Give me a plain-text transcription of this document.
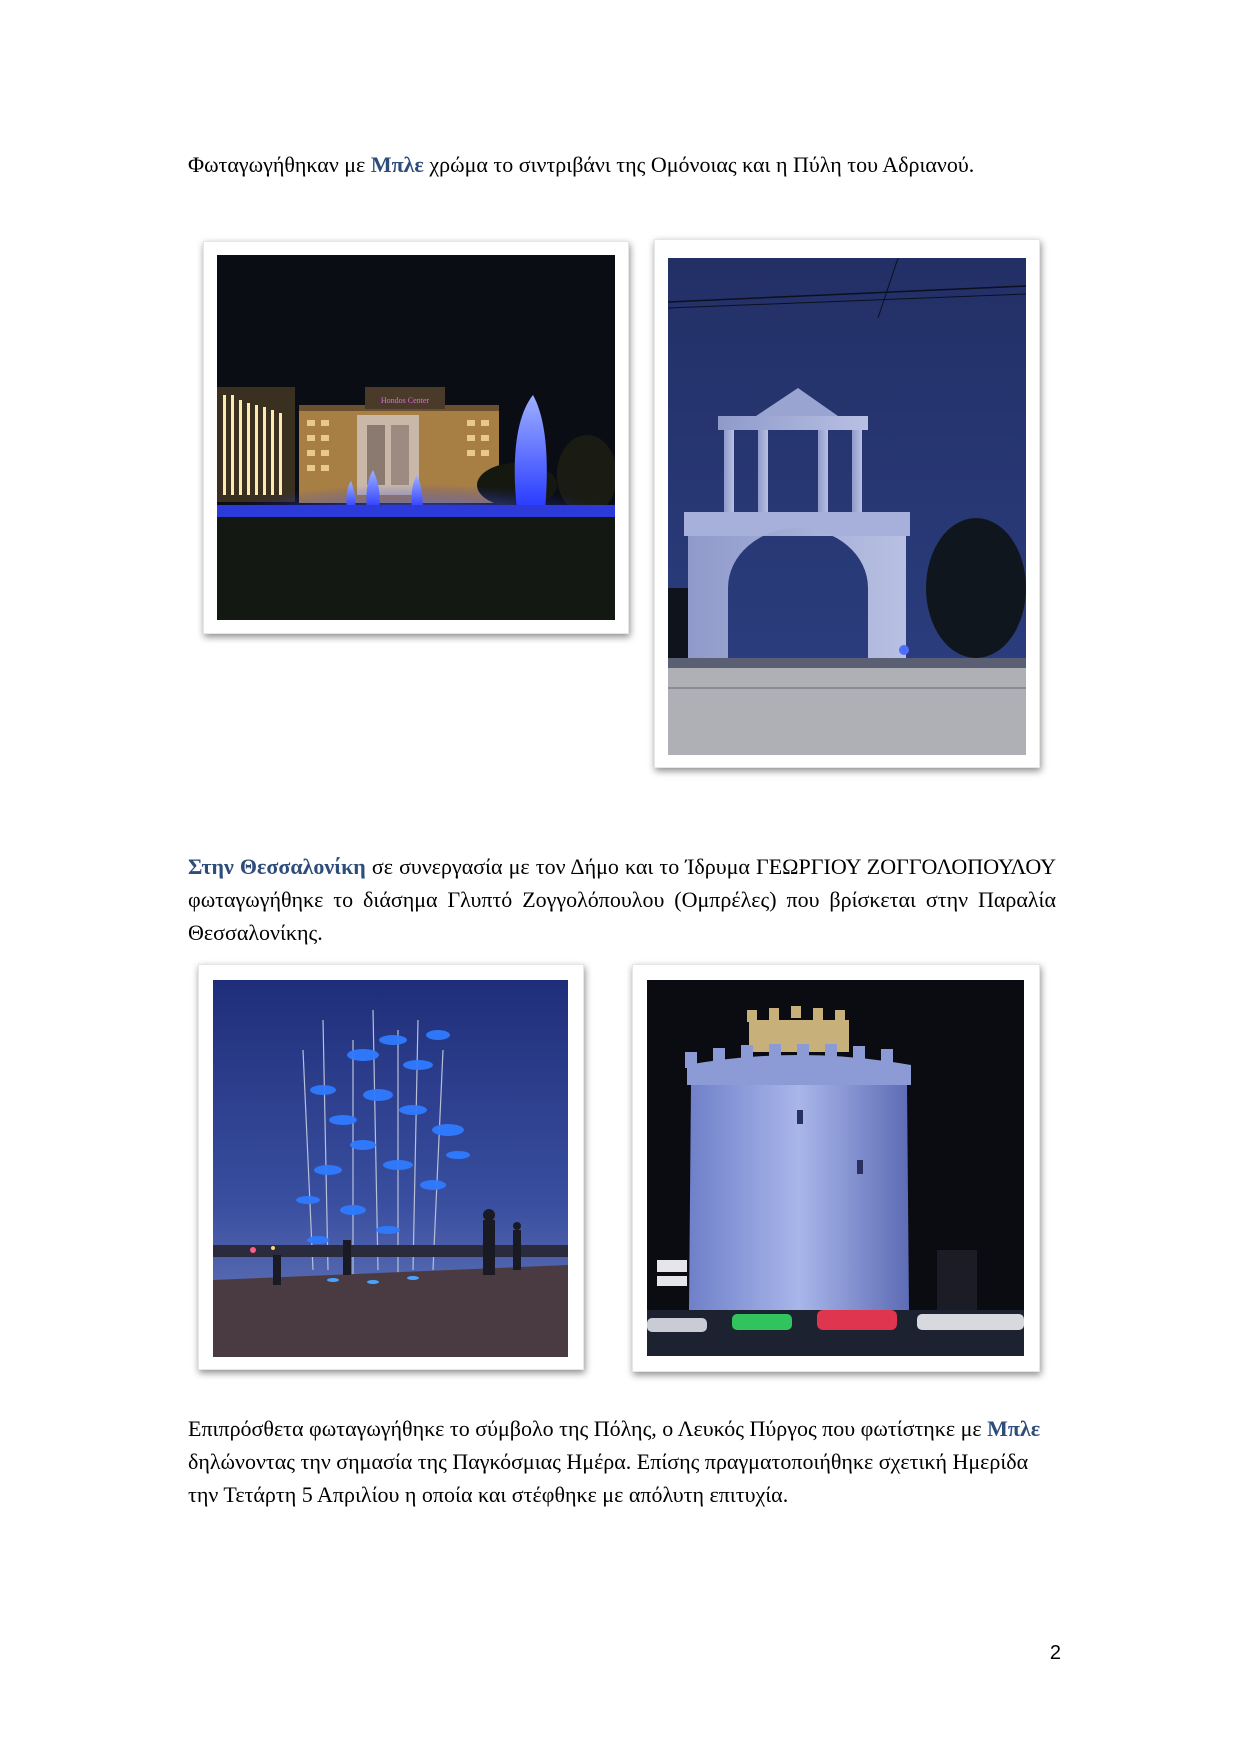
Φωταγωγήθηκαν με Μπλε χρώμα το σιντριβάνι της Ομόνοιας και η Πύλη του Αδριανού.

Hondos Center

Στην Θεσσαλονίκη σε συνεργασία με τον Δήμο και το Ίδρυμα ΓΕΩΡΓΙΟΥ ΖΟΓΓΟΛΟΠΟΥΛΟΥ φωταγωγήθηκε το διάσημα Γλυπτό Ζογγολόπουλου (Ομπρέλες) που βρίσκεται στην Παραλία Θεσσαλονίκης.

Επιπρόσθετα φωταγωγήθηκε το σύμβολο της Πόλης, ο Λευκός Πύργος που φωτίστηκε με Μπλε δηλώνοντας την σημασία της Παγκόσμιας Ημέρα. Επίσης πραγματοποιήθηκε σχετική Ημερίδα την Τετάρτη 5 Απριλίου η οποία και στέφθηκε με απόλυτη επιτυχία.

2
